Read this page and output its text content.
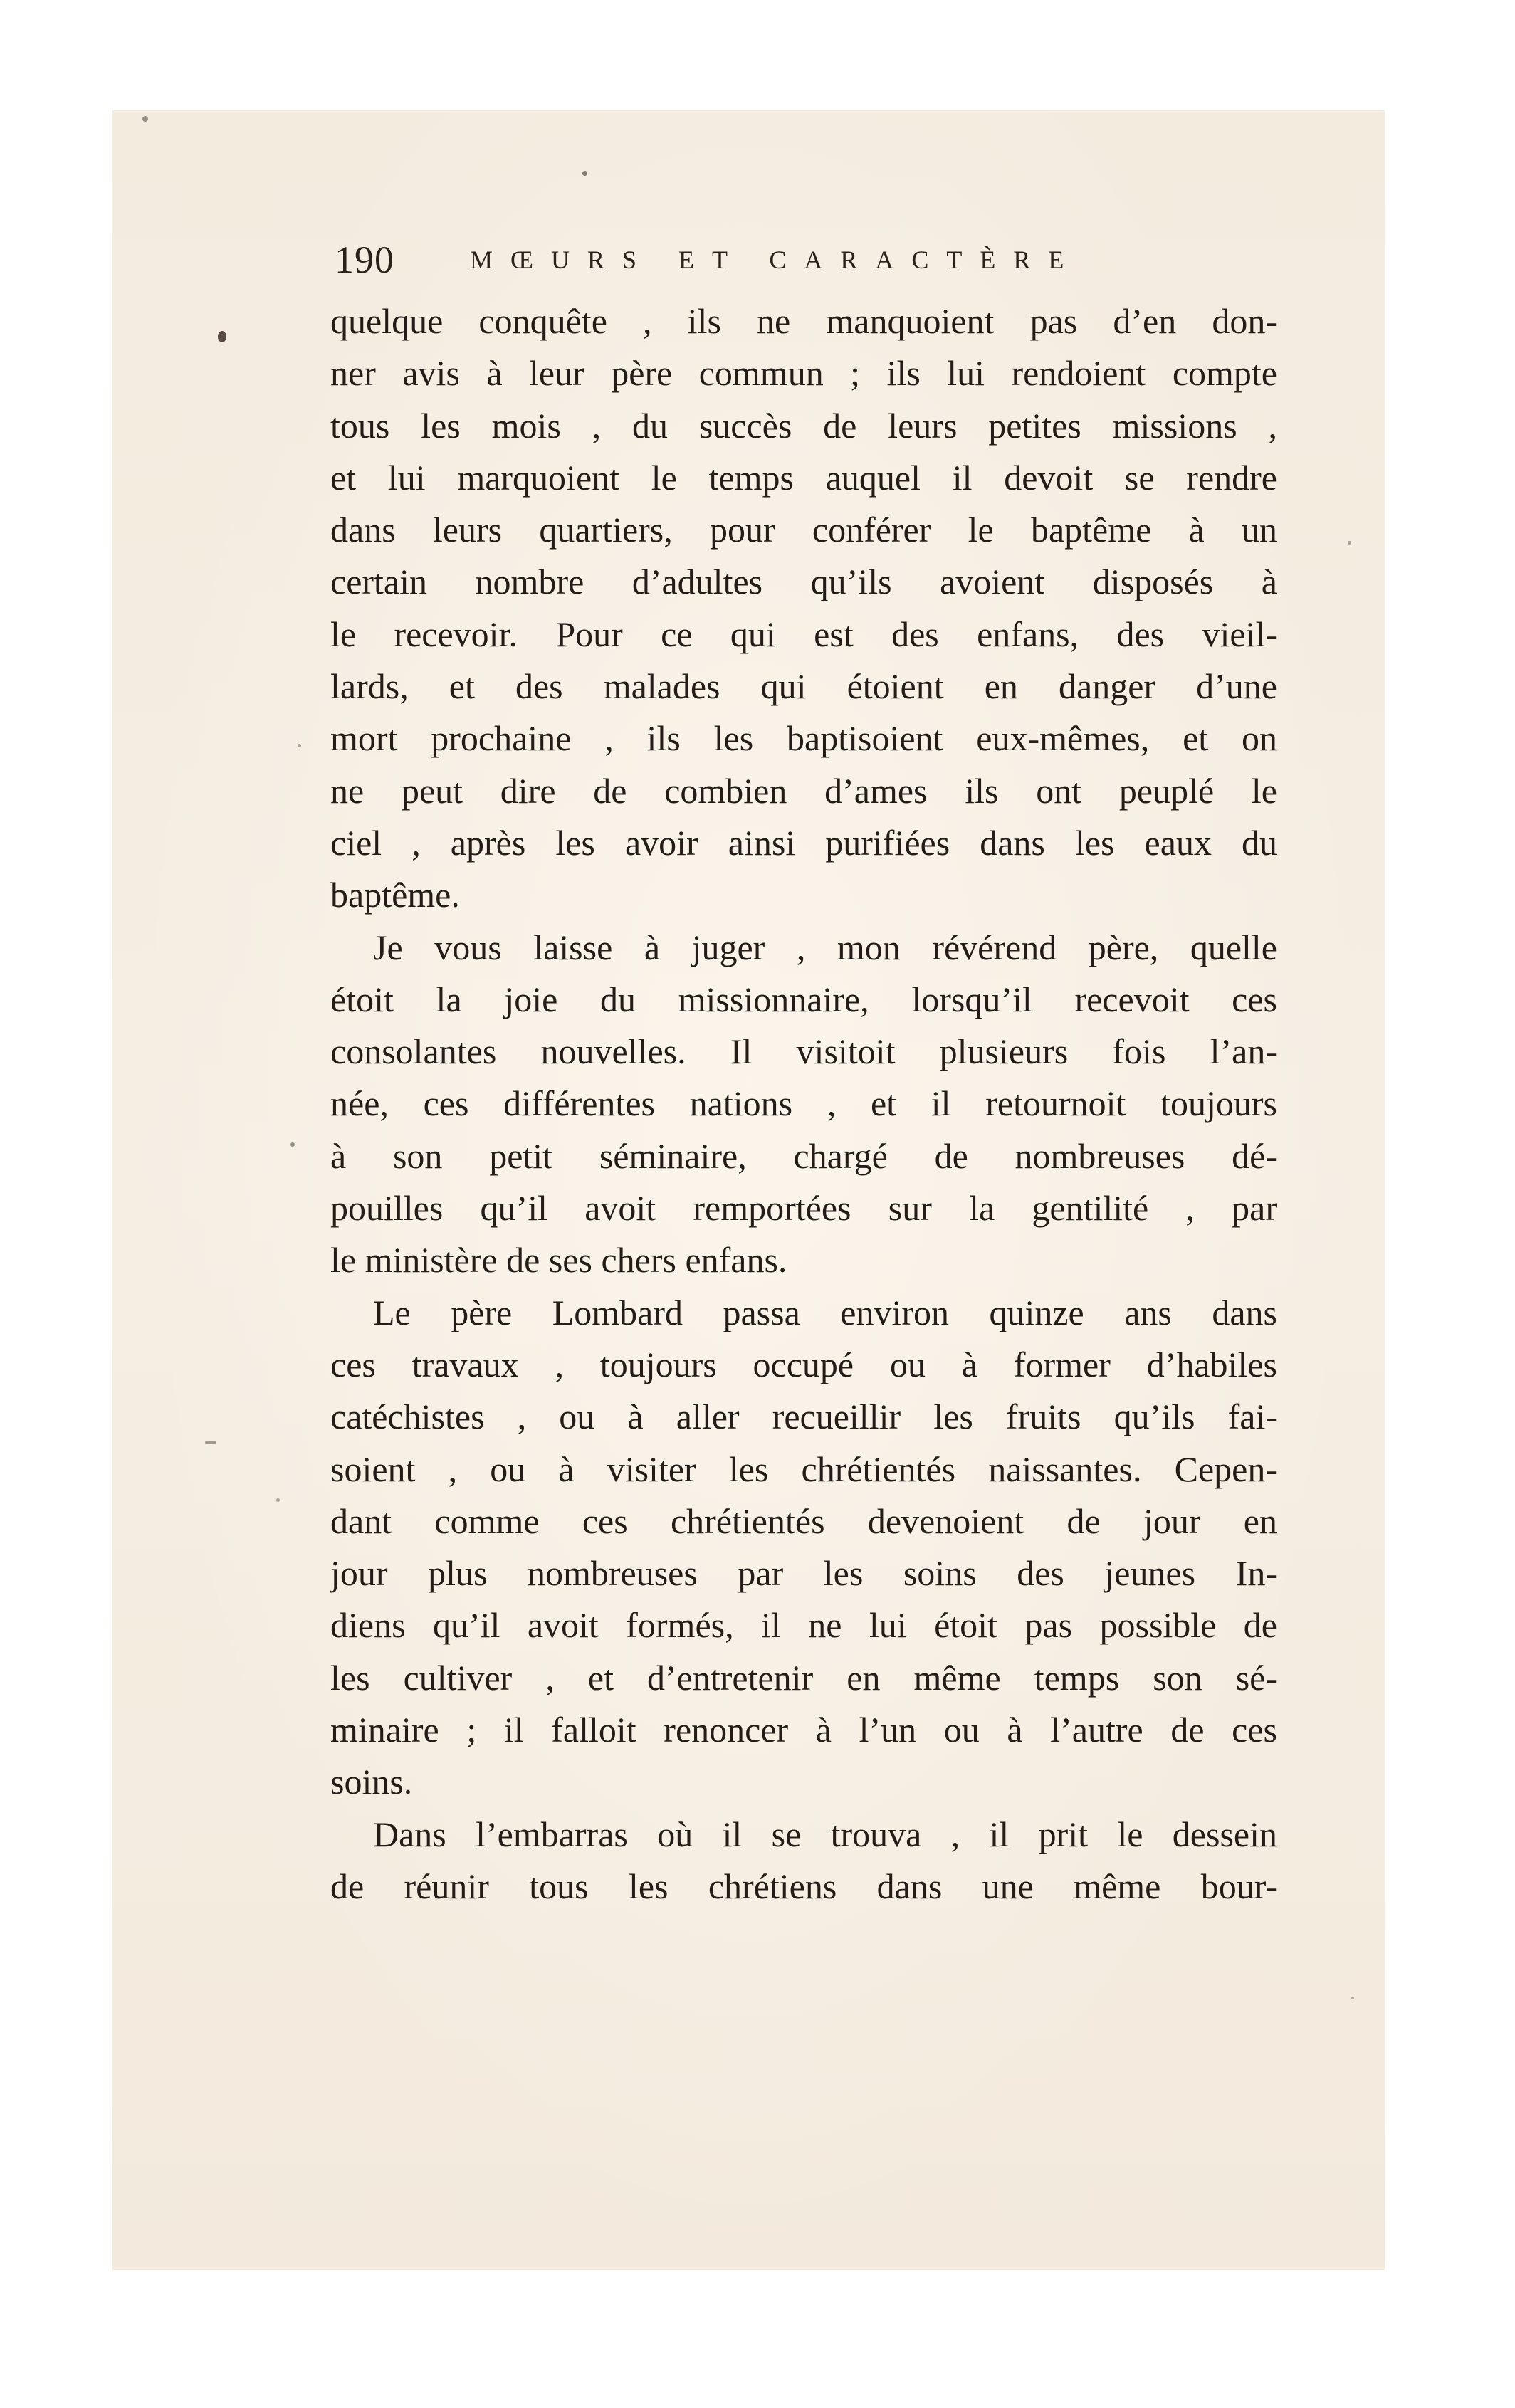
190	MŒURS ET CARACTÈRE
quelque conquête , ils ne manquoient pas d’en don-
ner avis à leur père commun ; ils lui rendoient compte
tous les mois , du succès de leurs petites missions ,
et lui marquoient le temps auquel il devoit se rendre
dans leurs quartiers, pour conférer le baptême à un
certain nombre d’adultes qu’ils avoient disposés à
le recevoir. Pour ce qui est des enfans, des vieil-
lards, et des malades qui étoient en danger d’une
mort prochaine , ils les baptisoient eux-mêmes, et on
ne peut dire de combien d’ames ils ont peuplé le
ciel , après les avoir ainsi purifiées dans les eaux du
baptême.
Je vous laisse à juger , mon révérend père, quelle
étoit la joie du missionnaire, lorsqu’il recevoit ces
consolantes nouvelles. Il visitoit plusieurs fois l’an-
née, ces différentes nations , et il retournoit toujours
à son petit séminaire, chargé de nombreuses dé-
pouilles qu’il avoit remportées sur la gentilité , par
le ministère de ses chers enfans.
Le père Lombard passa environ quinze ans dans
ces travaux , toujours occupé ou à former d’habiles
catéchistes , ou à aller recueillir les fruits qu’ils fai-
soient , ou à visiter les chrétientés naissantes. Cepen-
dant comme ces chrétientés devenoient de jour en
jour plus nombreuses par les soins des jeunes In-
diens qu’il avoit formés, il ne lui étoit pas possible de
les cultiver , et d’entretenir en même temps son sé-
minaire ; il falloit renoncer à l’un ou à l’autre de ces
soins.
Dans l’embarras où il se trouva , il prit le dessein
de réunir tous les chrétiens dans une même bour-
